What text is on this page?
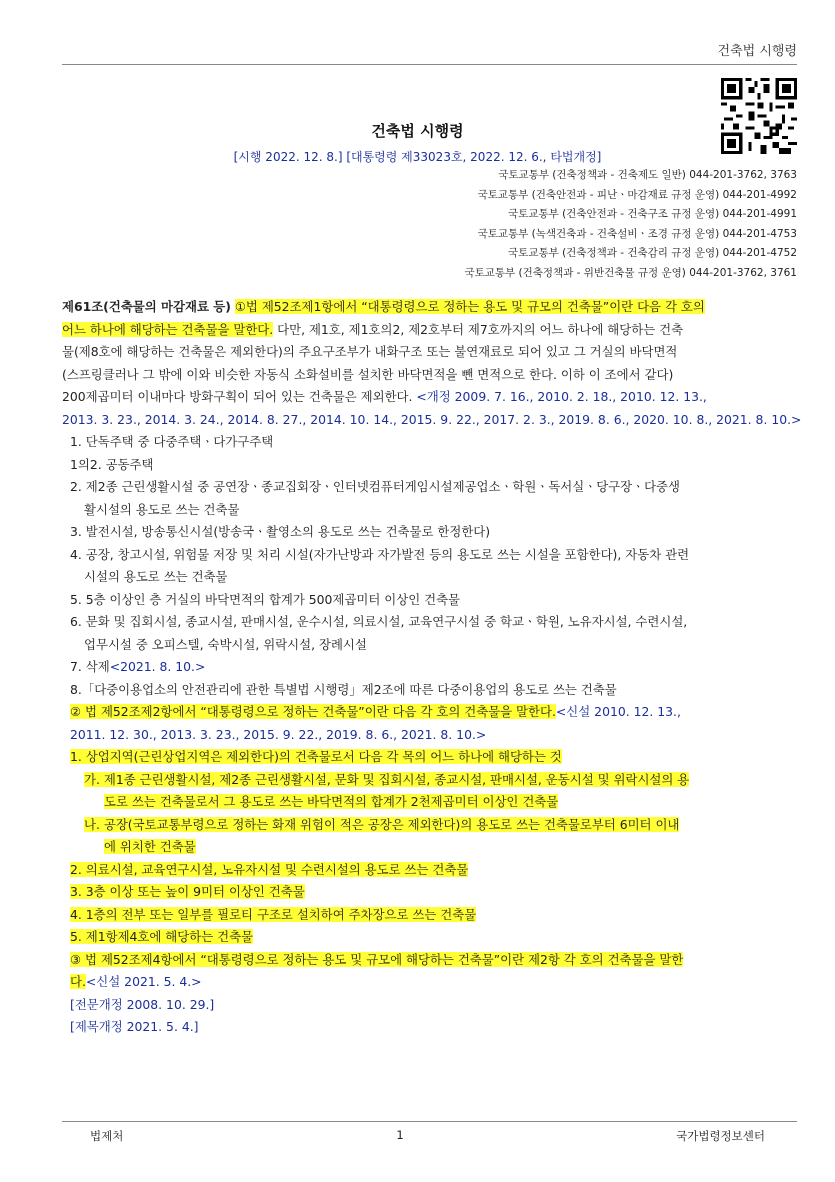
건축법 시행령
건축법 시행령
[시행 2022. 12. 8.] [대통령령 제33023호, 2022. 12. 6., 타법개정]
국토교통부 (건축정책과 - 건축제도 일반) 044-201-3762, 3763
국토교통부 (건축안전과 - 피난ㆍ마감재료 규정 운영) 044-201-4992
국토교통부 (건축안전과 - 건축구조 규정 운영) 044-201-4991
국토교통부 (녹색건축과 - 건축설비ㆍ조경 규정 운영) 044-201-4753
국토교통부 (건축정책과 - 건축감리 규정 운영) 044-201-4752
국토교통부 (건축정책과 - 위반건축물 규정 운영) 044-201-3762, 3761
제61조(건축물의 마감재료 등) ①법 제52조제1항에서 “대통령령으로 정하는 용도 및 규모의 건축물”이란 다음 각 호의
어느 하나에 해당하는 건축물을 말한다. 다만, 제1호, 제1호의2, 제2호부터 제7호까지의 어느 하나에 해당하는 건축
물(제8호에 해당하는 건축물은 제외한다)의 주요구조부가 내화구조 또는 불연재료로 되어 있고 그 거실의 바닥면적
(스프링클러나 그 밖에 이와 비슷한 자동식 소화설비를 설치한 바닥면적을 뺀 면적으로 한다. 이하 이 조에서 같다)
200제곱미터 이내마다 방화구획이 되어 있는 건축물은 제외한다. <개정 2009. 7. 16., 2010. 2. 18., 2010. 12. 13.,
2013. 3. 23., 2014. 3. 24., 2014. 8. 27., 2014. 10. 14., 2015. 9. 22., 2017. 2. 3., 2019. 8. 6., 2020. 10. 8., 2021. 8. 10.>
1. 단독주택 중 다중주택ㆍ다가구주택
1의2. 공동주택
2. 제2종 근린생활시설 중 공연장ㆍ종교집회장ㆍ인터넷컴퓨터게임시설제공업소ㆍ학원ㆍ독서실ㆍ당구장ㆍ다중생
활시설의 용도로 쓰는 건축물
3. 발전시설, 방송통신시설(방송국ㆍ촬영소의 용도로 쓰는 건축물로 한정한다)
4. 공장, 창고시설, 위험물 저장 및 처리 시설(자가난방과 자가발전 등의 용도로 쓰는 시설을 포함한다), 자동차 관련
시설의 용도로 쓰는 건축물
5. 5층 이상인 층 거실의 바닥면적의 합계가 500제곱미터 이상인 건축물
6. 문화 및 집회시설, 종교시설, 판매시설, 운수시설, 의료시설, 교육연구시설 중 학교ㆍ학원, 노유자시설, 수련시설,
업무시설 중 오피스텔, 숙박시설, 위락시설, 장례시설
7. 삭제<2021. 8. 10.>
8.「다중이용업소의 안전관리에 관한 특별법 시행령」제2조에 따른 다중이용업의 용도로 쓰는 건축물
② 법 제52조제2항에서 “대통령령으로 정하는 건축물”이란 다음 각 호의 건축물을 말한다.<신설 2010. 12. 13.,
2011. 12. 30., 2013. 3. 23., 2015. 9. 22., 2019. 8. 6., 2021. 8. 10.>
1. 상업지역(근린상업지역은 제외한다)의 건축물로서 다음 각 목의 어느 하나에 해당하는 것
가. 제1종 근린생활시설, 제2종 근린생활시설, 문화 및 집회시설, 종교시설, 판매시설, 운동시설 및 위락시설의 용
도로 쓰는 건축물로서 그 용도로 쓰는 바닥면적의 합계가 2천제곱미터 이상인 건축물
나. 공장(국토교통부령으로 정하는 화재 위험이 적은 공장은 제외한다)의 용도로 쓰는 건축물로부터 6미터 이내
에 위치한 건축물
2. 의료시설, 교육연구시설, 노유자시설 및 수련시설의 용도로 쓰는 건축물
3. 3층 이상 또는 높이 9미터 이상인 건축물
4. 1층의 전부 또는 일부를 필로티 구조로 설치하여 주차장으로 쓰는 건축물
5. 제1항제4호에 해당하는 건축물
③ 법 제52조제4항에서 “대통령령으로 정하는 용도 및 규모에 해당하는 건축물”이란 제2항 각 호의 건축물을 말한
다.<신설 2021. 5. 4.>
[전문개정 2008. 10. 29.]
[제목개정 2021. 5. 4.]
법제처	1	국가법령정보센터
